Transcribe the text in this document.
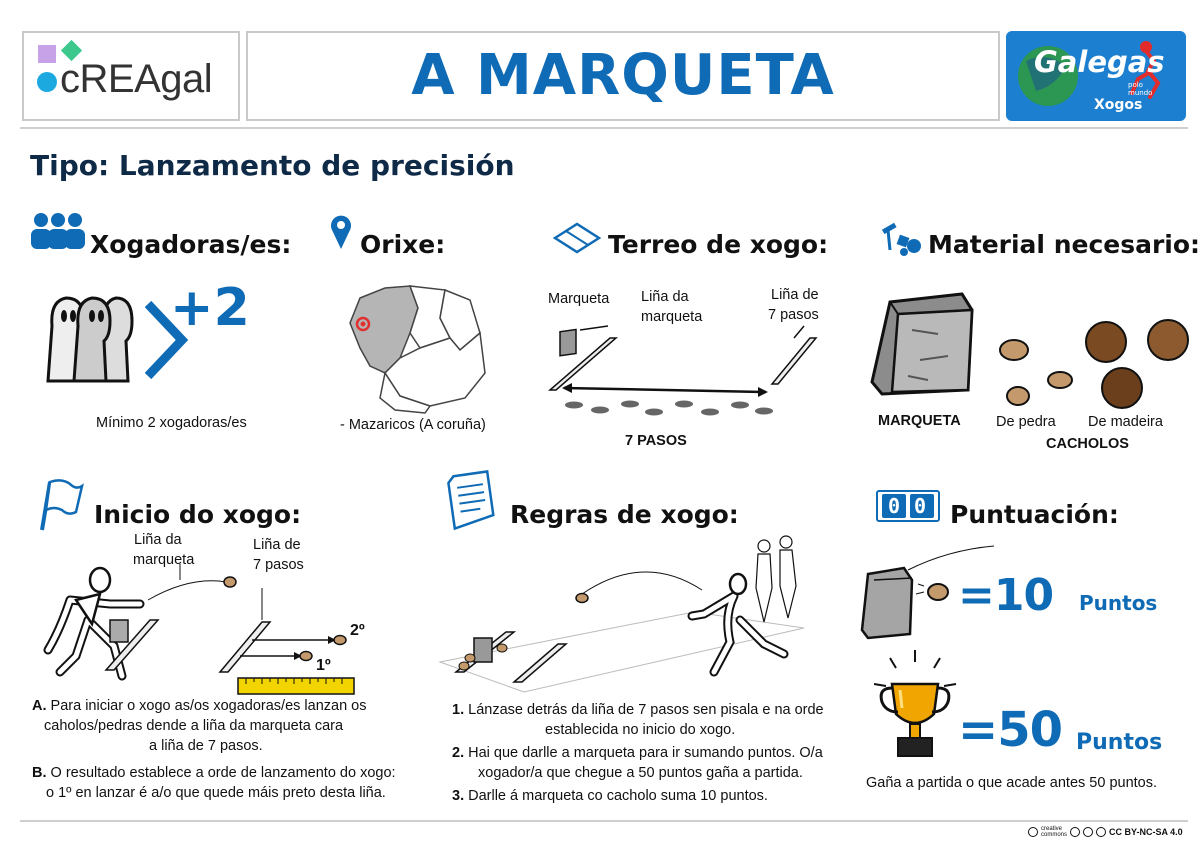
cREAgal	A MARQUETA	Galegas
polo mundo
Xogos
Tipo: Lanzamento de precisión
Xogadoras/es:
+2
Mínimo 2 xogadoras/es
Orixe:
- Mazaricos (A coruña)
Terreo de xogo:
Marqueta Liña da
marqueta
Liña de
7 pasos
7 PASOS
Material necesario:
MARQUETA De pedra De madeira
CACHOLOS
Inicio do xogo:
Liña da
marqueta
Liña de
7 pasos
2º
1º
A. Para iniciar o xogo as/os xogadoras/es lanzan os
caholos/pedras dende a liña da marqueta cara
a liña de 7 pasos.
B. O resultado establece a orde de lanzamento do xogo:
o 1º en lanzar é a/o que quede máis preto desta liña.
Regras de xogo:
1. Lánzase detrás da liña de 7 pasos sen pisala e na orde
establecida no inicio do xogo.

2. Hai que darlle a marqueta para ir sumando puntos. O/a
xogador/a que chegue a 50 puntos gaña a partida.

3. Darlle á marqueta co cacholo suma 10 puntos.
00 Puntuación:
=10 Puntos
=50 Puntos
Gaña a partida o que acade antes 50 puntos.
creative commons	CC BY-NC-SA 4.0
